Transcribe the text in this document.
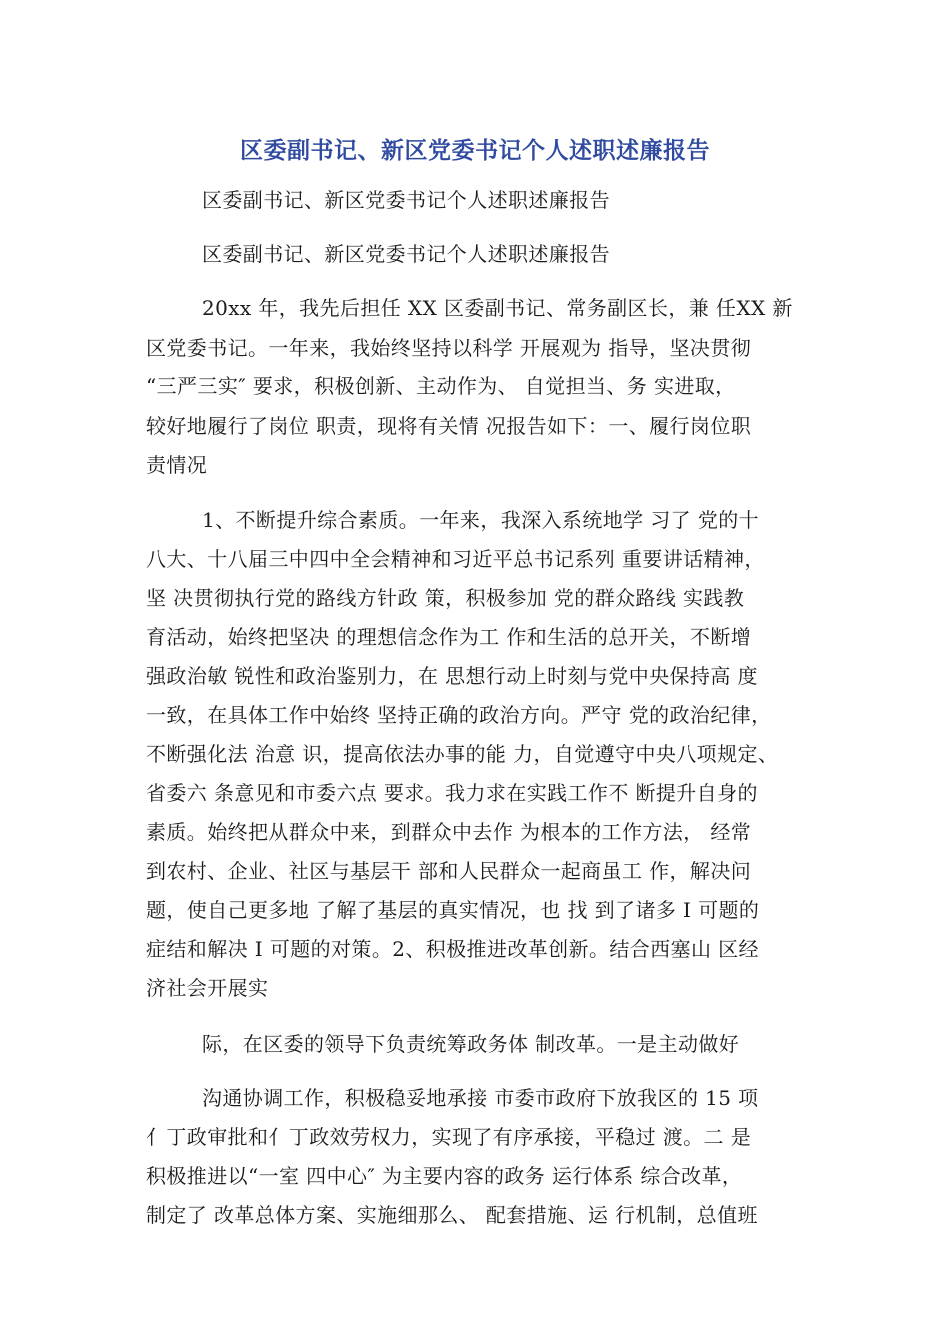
区委副书记、新区党委书记个人述职述廉报告
区委副书记、新区党委书记个人述职述廉报告
区委副书记、新区党委书记个人述职述廉报告
20xx 年，我先后担任 XX 区委副书记、常务副区长，兼 任XX 新
区党委书记。一年来，我始终坚持以科学 开展观为 指导，坚决贯彻
“三严三实″ 要求，积极创新、主动作为、 自觉担当、务 实进取，
较好地履行了岗位 职责，现将有关情 况报告如下：一、履行岗位职
责情况
1、不断提升综合素质。一年来，我深入系统地学 习了 党的十
八大、十八届三中四中全会精神和习近平总书记系列 重要讲话精神，
坚 决贯彻执行党的路线方针政 策，积极参加 党的群众路线 实践教
育活动，始终把坚决 的理想信念作为工 作和生活的总开关，不断增
强政治敏 锐性和政治鉴别力，在 思想行动上时刻与党中央保持高 度
一致，在具体工作中始终 坚持正确的政治方向。严守 党的政治纪律，
不断强化法 治意 识，提高依法办事的能 力，自觉遵守中央八项规定、
省委六 条意见和市委六点 要求。我力求在实践工作不 断提升自身的
素质。始终把从群众中来，到群众中去作 为根本的工作方法， 经常
到农村、企业、社区与基层干 部和人民群众一起商虽工 作，解决问
题，使自己更多地 了解了基层的真实情况，也 找 到了诸多 I 可题的
症结和解决 I 可题的对策。2、积极推进改革创新。结合西塞山 区经
济社会开展实
际，在区委的领导下负责统筹政务体 制改革。一是主动做好
沟通协调工作，积极稳妥地承接 市委市政府下放我区的 15 项
亻丁政审批和亻丁政效劳权力，实现了有序承接，平稳过 渡。二 是
积极推进以“一室 四中心″ 为主要内容的政务 运行体系 综合改革，
制定了 改革总体方案、实施细那么、 配套措施、运 行机制，总值班
